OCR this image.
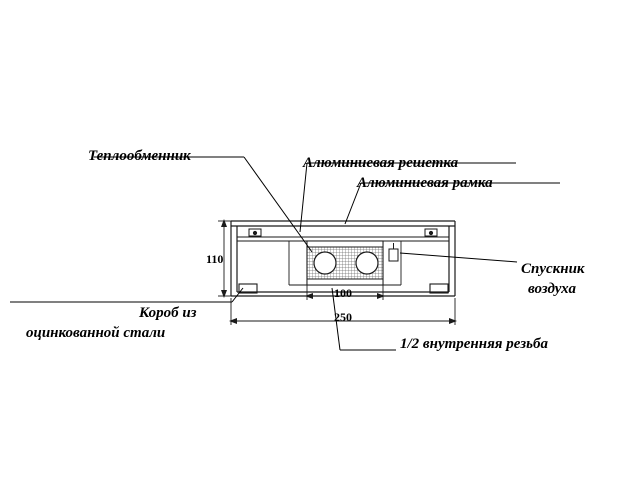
Теплообменник	Алюминиевая решетка
Алюминиевая рамка
Спускник
воздуха
Короб из
оцинкованной стали
1/2 внутренняя резьба
110
100
250
